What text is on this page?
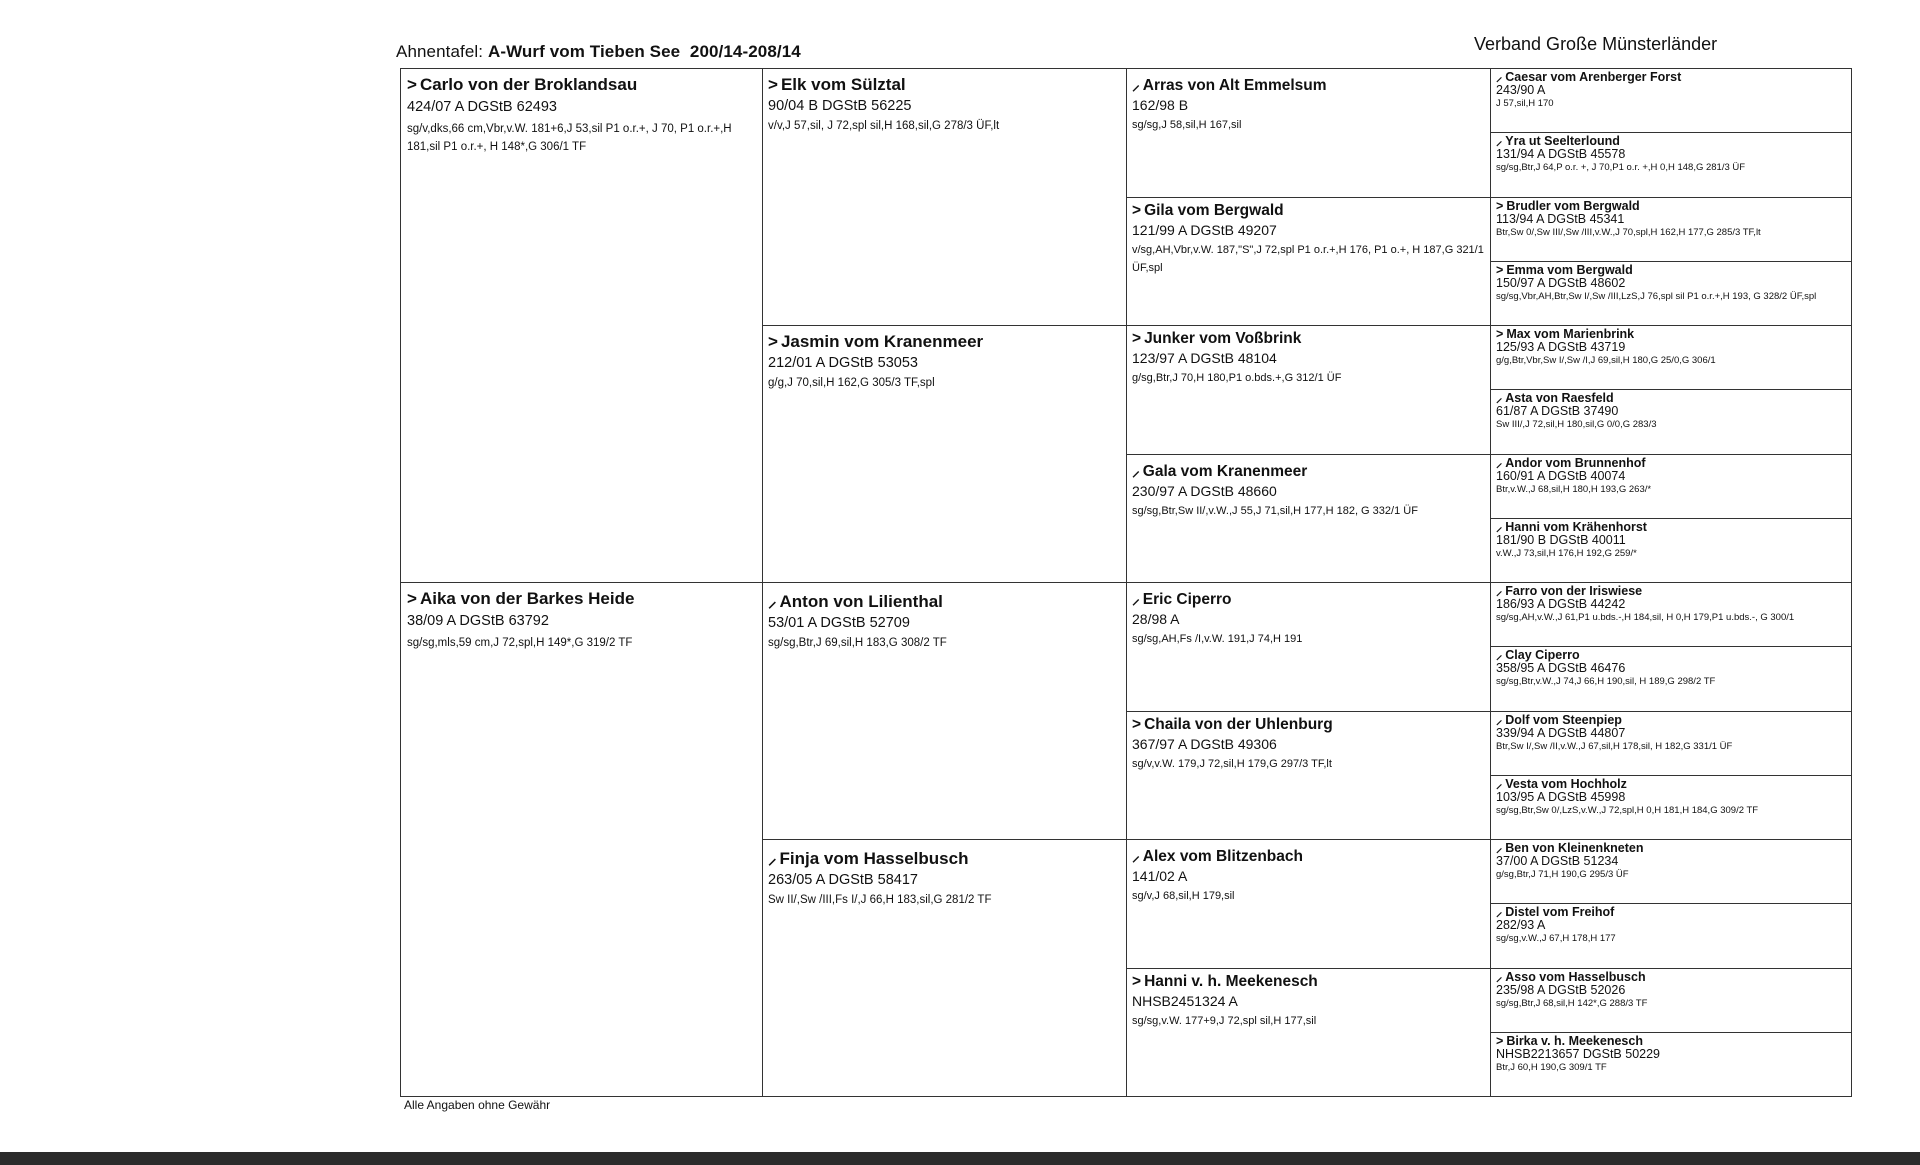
Ahnentafel: A-Wurf vom Tieben See 200/14-208/14	Verband Große Münsterländer
> Carlo von der Broklandsau
424/07 A DGStB 62493
sg/v,dks,66 cm,Vbr,v.W. 181+6,J 53,sil P1 o.r.+, J 70, P1 o.r.+,H 181,sil P1 o.r.+, H 148*,G 306/1 TF
> Aika von der Barkes Heide
38/09 A DGStB 63792
sg/sg,mls,59 cm,J 72,spl,H 149*,G 319/2 TF
> Elk vom Sülztal
90/04 B DGStB 56225
v/v,J 57,sil, J 72,spl sil,H 168,sil,G 278/3 ÜF,lt
> Jasmin vom Kranenmeer
212/01 A DGStB 53053
g/g,J 70,sil,H 162,G 305/3 TF,spl
⸝ Anton von Lilienthal
53/01 A DGStB 52709
sg/sg,Btr,J 69,sil,H 183,G 308/2 TF
⸝ Finja vom Hasselbusch
263/05 A DGStB 58417
Sw II/,Sw /III,Fs I/,J 66,H 183,sil,G 281/2 TF
⸝ Arras von Alt Emmelsum
162/98 B
sg/sg,J 58,sil,H 167,sil
> Gila vom Bergwald
121/99 A DGStB 49207
v/sg,AH,Vbr,v.W. 187,"S",J 72,spl P1 o.r.+,H 176, P1 o.+, H 187,G 321/1 ÜF,spl
> Junker vom Voßbrink
123/97 A DGStB 48104
g/sg,Btr,J 70,H 180,P1 o.bds.+,G 312/1 ÜF
⸝ Gala vom Kranenmeer
230/97 A DGStB 48660
sg/sg,Btr,Sw II/,v.W.,J 55,J 71,sil,H 177,H 182, G 332/1 ÜF
⸝ Eric Ciperro
28/98 A
sg/sg,AH,Fs /I,v.W. 191,J 74,H 191
> Chaila von der Uhlenburg
367/97 A DGStB 49306
sg/v,v.W. 179,J 72,sil,H 179,G 297/3 TF,lt
⸝ Alex vom Blitzenbach
141/02 A
sg/v,J 68,sil,H 179,sil
> Hanni v. h. Meekenesch
NHSB2451324 A
sg/sg,v.W. 177+9,J 72,spl sil,H 177,sil
⸝ Caesar vom Arenberger Forst
243/90 A
J 57,sil,H 170
⸝ Yra ut Seelterlound
131/94 A DGStB 45578
sg/sg,Btr,J 64,P o.r. +, J 70,P1 o.r. +,H 0,H 148,G 281/3 ÜF
> Brudler vom Bergwald
113/94 A DGStB 45341
Btr,Sw 0/,Sw III/,Sw /III,v.W.,J 70,spl,H 162,H 177,G 285/3 TF,lt
> Emma vom Bergwald
150/97 A DGStB 48602
sg/sg,Vbr,AH,Btr,Sw I/,Sw /III,LzS,J 76,spl sil P1 o.r.+,H 193, G 328/2 ÜF,spl
> Max vom Marienbrink
125/93 A DGStB 43719
g/g,Btr,Vbr,Sw I/,Sw /I,J 69,sil,H 180,G 25/0,G 306/1
⸝ Asta von Raesfeld
61/87 A DGStB 37490
Sw III/,J 72,sil,H 180,sil,G 0/0,G 283/3
⸝ Andor vom Brunnenhof
160/91 A DGStB 40074
Btr,v.W.,J 68,sil,H 180,H 193,G 263/*
⸝ Hanni vom Krähenhorst
181/90 B DGStB 40011
v.W.,J 73,sil,H 176,H 192,G 259/*
⸝ Farro von der Iriswiese
186/93 A DGStB 44242
sg/sg,AH,v.W.,J 61,P1 u.bds.-,H 184,sil, H 0,H 179,P1 u.bds.-, G 300/1
⸝ Clay Ciperro
358/95 A DGStB 46476
sg/sg,Btr,v.W.,J 74,J 66,H 190,sil, H 189,G 298/2 TF
⸝ Dolf vom Steenpiep
339/94 A DGStB 44807
Btr,Sw I/,Sw /II,v.W.,J 67,sil,H 178,sil, H 182,G 331/1 ÜF
⸝ Vesta vom Hochholz
103/95 A DGStB 45998
sg/sg,Btr,Sw 0/,LzS,v.W.,J 72,spl,H 0,H 181,H 184,G 309/2 TF
⸝ Ben von Kleinenkneten
37/00 A DGStB 51234
g/sg,Btr,J 71,H 190,G 295/3 ÜF
⸝ Distel vom Freihof
282/93 A
sg/sg,v.W.,J 67,H 178,H 177
⸝ Asso vom Hasselbusch
235/98 A DGStB 52026
sg/sg,Btr,J 68,sil,H 142*,G 288/3 TF
> Birka v. h. Meekenesch
NHSB2213657 DGStB 50229
Btr,J 60,H 190,G 309/1 TF
Alle Angaben ohne Gewähr
